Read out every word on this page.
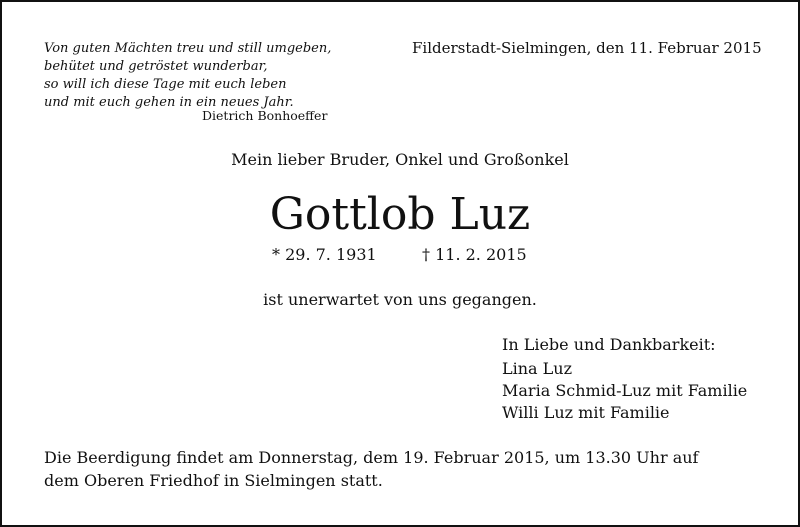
Von guten Mächten treu und still umgeben,
behütet und getröstet wunderbar,
so will ich diese Tage mit euch leben
und mit euch gehen in ein neues Jahr.
Dietrich Bonhoeffer
Filderstadt-Sielmingen, den 11. Februar 2015
Mein lieber Bruder, Onkel und Großonkel
Gottlob Luz
* 29. 7. 1931	† 11. 2. 2015
ist unerwartet von uns gegangen.
In Liebe und Dankbarkeit:
Lina Luz
Maria Schmid-Luz mit Familie
Willi Luz mit Familie
Die Beerdigung findet am Donnerstag, dem 19. Februar 2015, um 13.30 Uhr auf
dem Oberen Friedhof in Sielmingen statt.
